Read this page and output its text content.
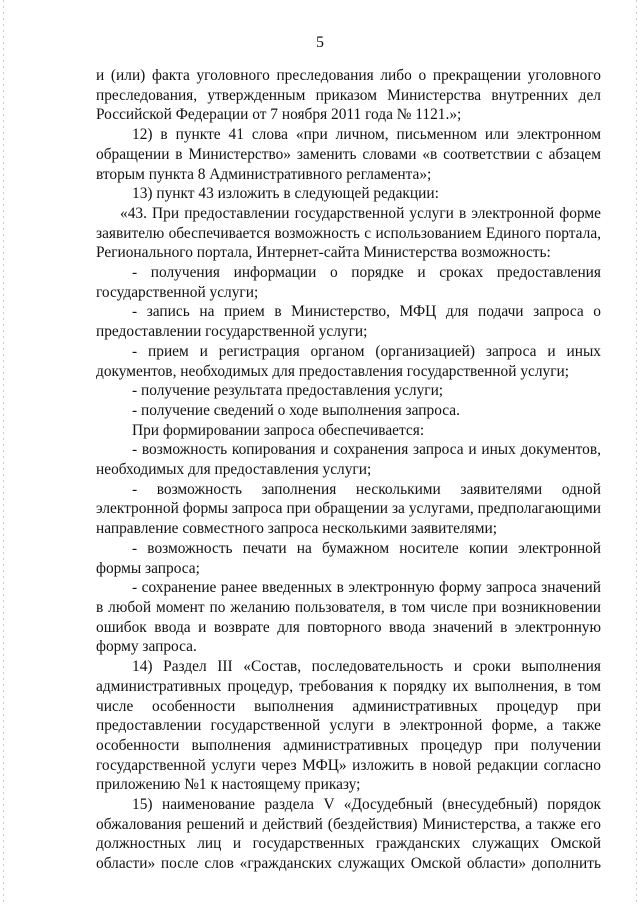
5

и (или) факта уголовного преследования либо о прекращении уголовного преследования, утвержденным приказом Министерства внутренних дел Российской Федерации от 7 ноября 2011 года № 1121.»;

12) в пункте 41 слова «при личном, письменном или электронном обращении в Министерство» заменить словами «в соответствии с абзацем вторым пункта 8 Административного регламента»;

13) пункт 43 изложить в следующей редакции:

«43. При предоставлении государственной услуги в электронной форме заявителю обеспечивается возможность с использованием Единого портала, Регионального портала, Интернет-сайта Министерства возможность:

- получения информации о порядке и сроках предоставления государственной услуги;

- запись на прием в Министерство, МФЦ для подачи запроса о предоставлении государственной услуги;

- прием и регистрация органом (организацией) запроса и иных документов, необходимых для предоставления государственной услуги;

- получение результата предоставления услуги;

- получение сведений о ходе выполнения запроса.

При формировании запроса обеспечивается:

- возможность копирования и сохранения запроса и иных документов, необходимых для предоставления услуги;

- возможность заполнения несколькими заявителями одной электронной формы запроса при обращении за услугами, предполагающими направление совместного запроса несколькими заявителями;

- возможность печати на бумажном носителе копии электронной формы запроса;

- сохранение ранее введенных в электронную форму запроса значений в любой момент по желанию пользователя, в том числе при возникновении ошибок ввода и возврате для повторного ввода значений в электронную форму запроса.

14) Раздел III «Состав, последовательность и сроки выполнения административных процедур, требования к порядку их выполнения, в том числе особенности выполнения административных процедур при предоставлении государственной услуги в электронной форме, а также особенности выполнения административных процедур при получении государственной услуги через МФЦ» изложить в новой редакции согласно приложению №1 к настоящему приказу;

15) наименование раздела V «Досудебный (внесудебный) порядок обжалования решений и действий (бездействия) Министерства, а также его должностных лиц и государственных гражданских служащих Омской области» после слов «гражданских служащих Омской области» дополнить
